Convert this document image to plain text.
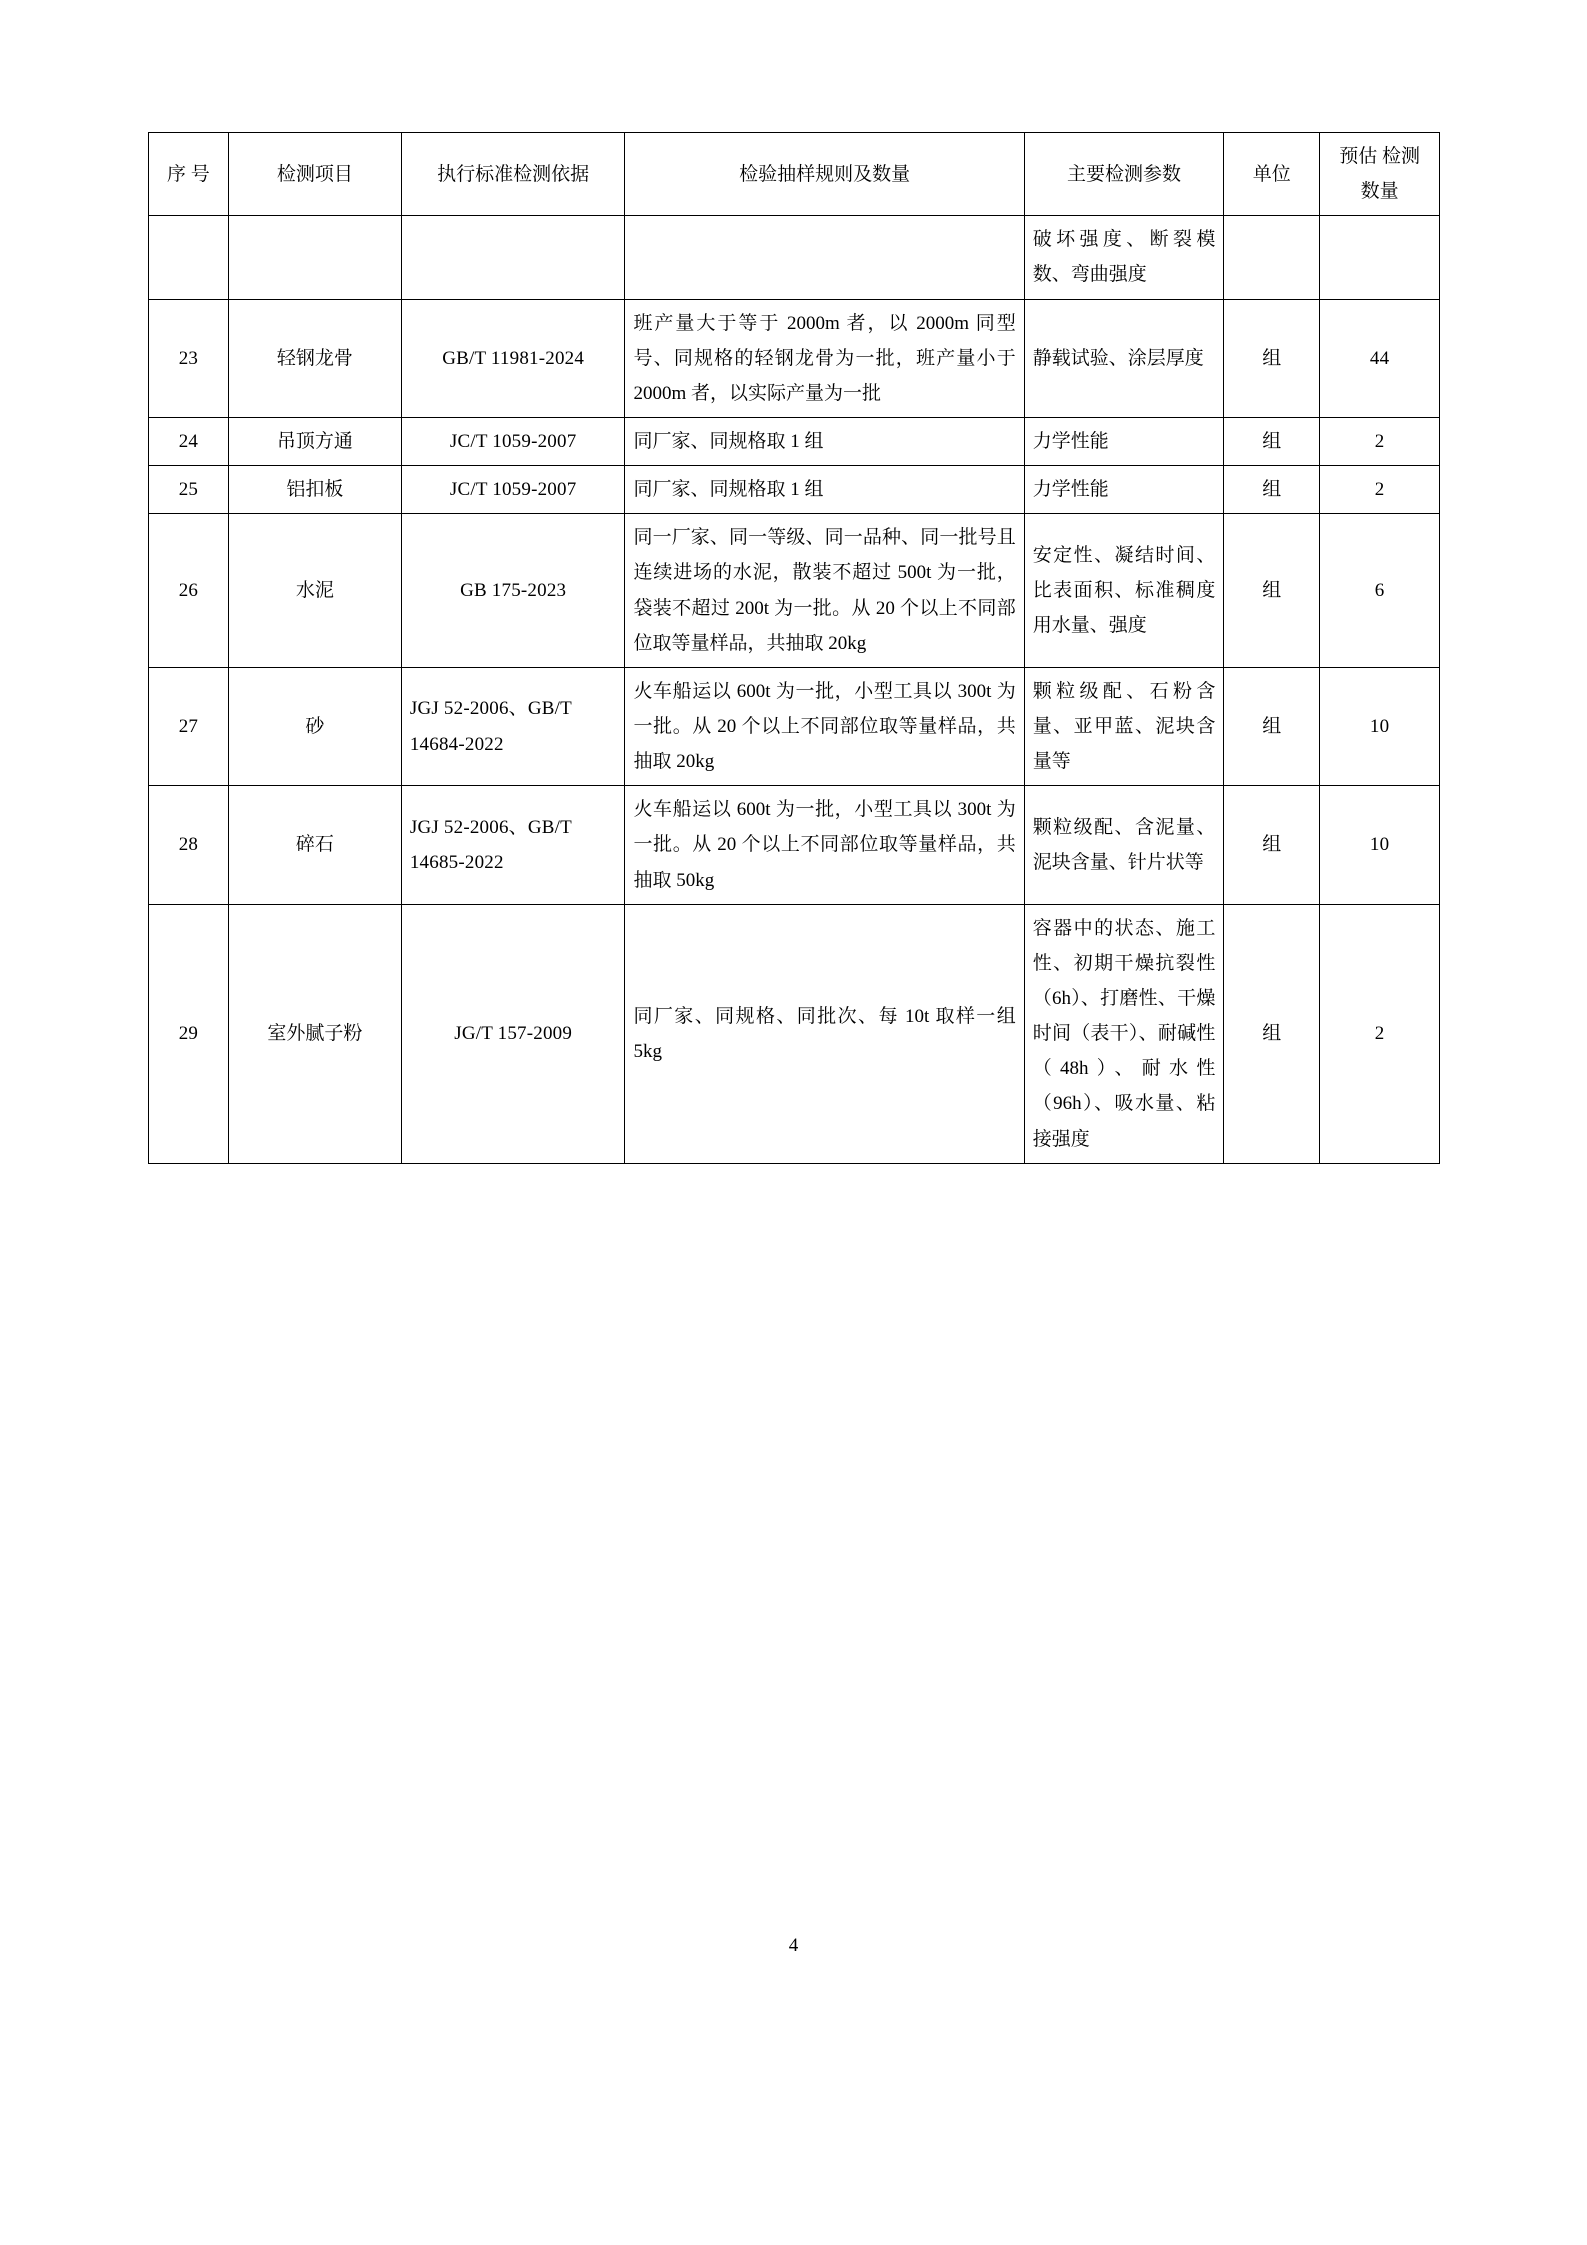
序 号	检测项目	执行标准检测依据	检验抽样规则及数量	主要检测参数	单位	预估 检测 数量
				破坏强度、断裂模数、弯曲强度		
23	轻钢龙骨	GB/T 11981-2024	班产量大于等于 2000m 者，以 2000m 同型号、同规格的轻钢龙骨为一批，班产量小于 2000m 者，以实际产量为一批	静载试验、涂层厚度	组	44
24	吊顶方通	JC/T 1059-2007	同厂家、同规格取 1 组	力学性能	组	2
25	铝扣板	JC/T 1059-2007	同厂家、同规格取 1 组	力学性能	组	2
26	水泥	GB 175-2023	同一厂家、同一等级、同一品种、同一批号且连续进场的水泥，散装不超过 500t 为一批，袋装不超过 200t 为一批。从 20 个以上不同部位取等量样品，共抽取 20kg	安定性、凝结时间、比表面积、标准稠度用水量、强度	组	6
27	砂	JGJ 52-2006、GB/T 14684-2022	火车船运以 600t 为一批，小型工具以 300t 为一批。从 20 个以上不同部位取等量样品，共抽取 20kg	颗粒级配、石粉含量、亚甲蓝、泥块含量等	组	10
28	碎石	JGJ 52-2006、GB/T 14685-2022	火车船运以 600t 为一批，小型工具以 300t 为一批。从 20 个以上不同部位取等量样品，共抽取 50kg	颗粒级配、含泥量、泥块含量、针片状等	组	10
29	室外腻子粉	JG/T 157-2009	同厂家、同规格、同批次、每 10t 取样一组 5kg	容器中的状态、施工性、初期干燥抗裂性（6h）、打磨性、干燥时间（表干）、耐碱性（48h）、耐水性（96h）、吸水量、粘接强度	组	2
4
